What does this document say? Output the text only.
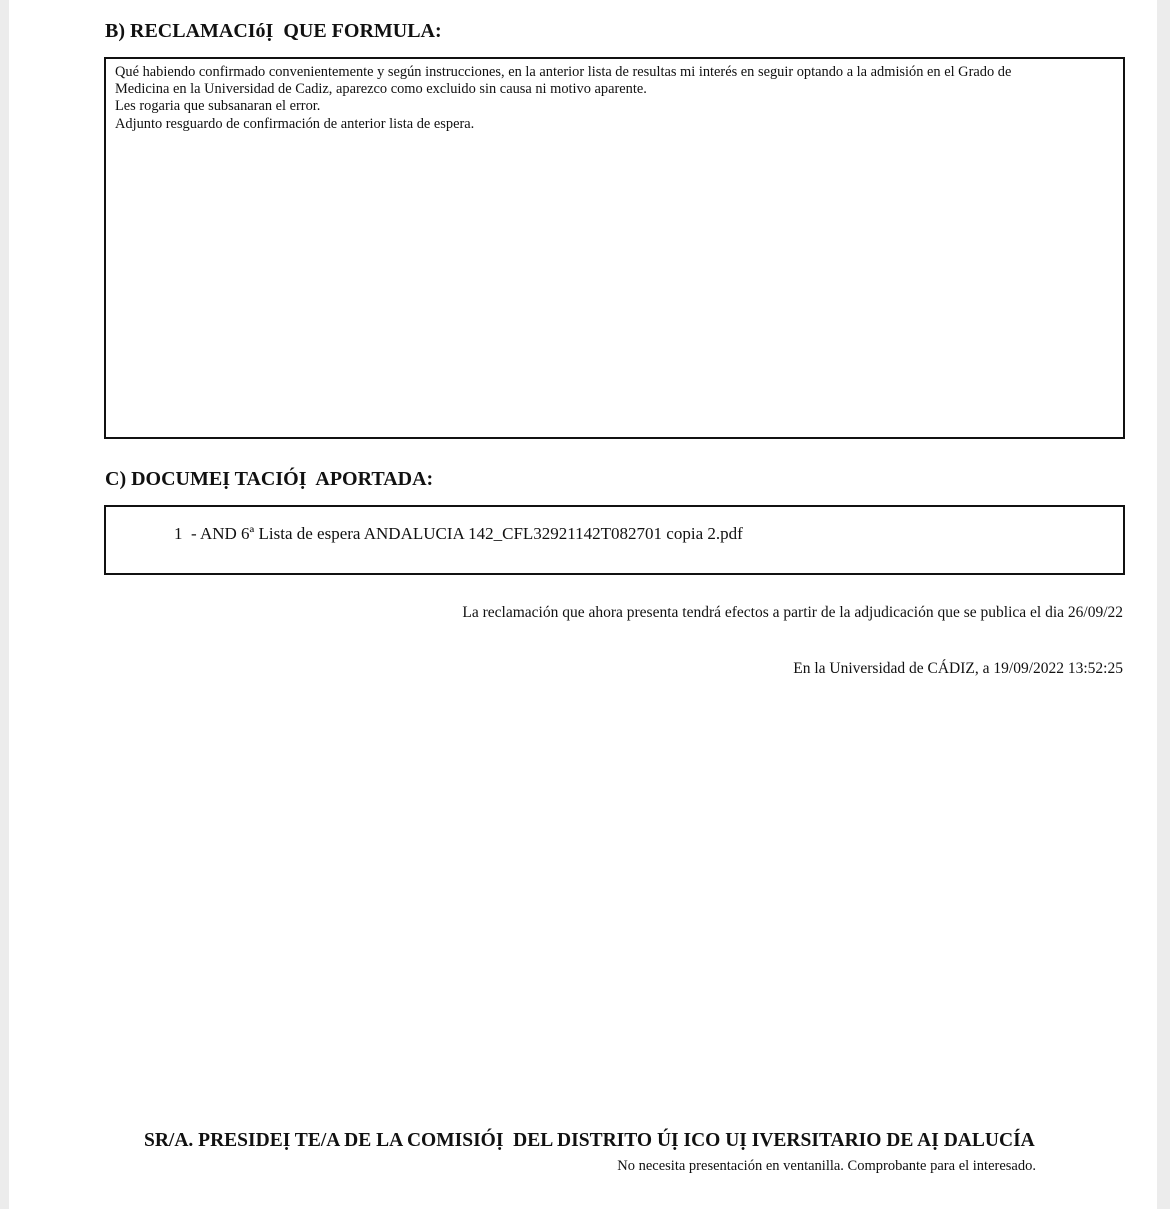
B) RECLAMACIóỊ  QUE FORMULA:
Qué habiendo confirmado convenientemente y según instrucciones, en la anterior lista de resultas mi interés en seguir optando a la admisión en el Grado de
Medicina en la Universidad de Cadiz, aparezco como excluido sin causa ni motivo aparente.
Les rogaria que subsanaran el error.
Adjunto resguardo de confirmación de anterior lista de espera.
C) DOCUMEỊ TACIÓỊ  APORTADA:
1  - AND 6ª Lista de espera ANDALUCIA 142_CFL32921142T082701 copia 2.pdf
La reclamación que ahora presenta tendrá efectos a partir de la adjudicación que se publica el dia 26/09/22
En la Universidad de CÁDIZ, a 19/09/2022 13:52:25
SR/A. PRESIDEỊ TE/A DE LA COMISIÓỊ  DEL DISTRITO ÚỊ ICO UỊ IVERSITARIO DE AỊ DALUCÍA
No necesita presentación en ventanilla. Comprobante para el interesado.
